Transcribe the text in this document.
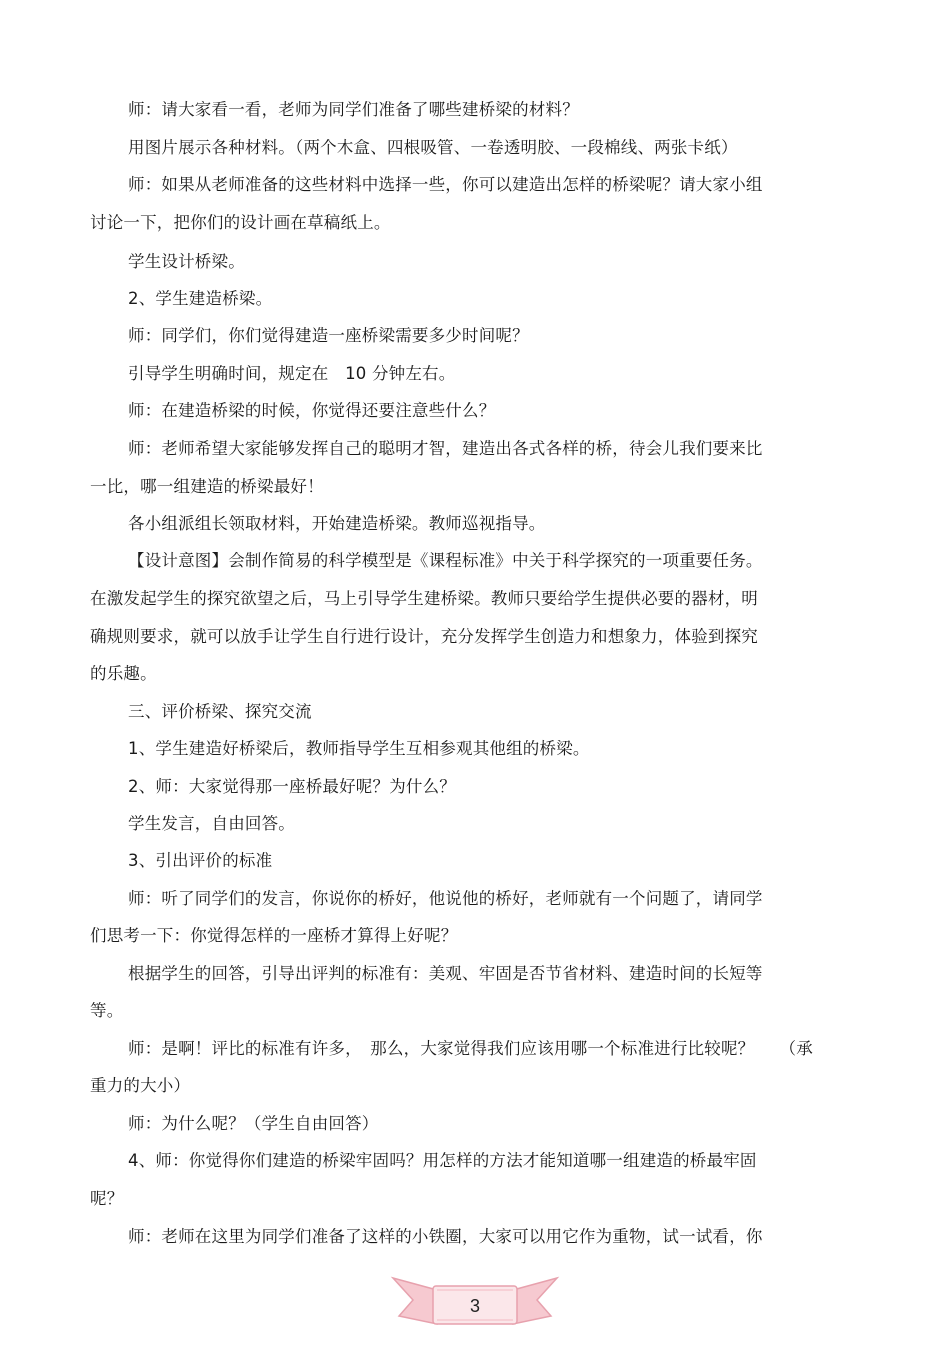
师：请大家看一看，老师为同学们准备了哪些建桥梁的材料？
用图片展示各种材料。（两个木盒、四根吸管、一卷透明胶、一段棉线、两张卡纸）
师：如果从老师准备的这些材料中选择一些，你可以建造出怎样的桥梁呢？请大家小组
讨论一下，把你们的设计画在草稿纸上。
学生设计桥梁。
2、学生建造桥梁。
师：同学们，你们觉得建造一座桥梁需要多少时间呢？
引导学生明确时间，规定在　10 分钟左右。
师：在建造桥梁的时候，你觉得还要注意些什么？
师：老师希望大家能够发挥自己的聪明才智，建造出各式各样的桥，待会儿我们要来比
一比，哪一组建造的桥梁最好！
各小组派组长领取材料，开始建造桥梁。教师巡视指导。
【设计意图】会制作简易的科学模型是《课程标准》中关于科学探究的一项重要任务。
在激发起学生的探究欲望之后，马上引导学生建桥梁。教师只要给学生提供必要的器材，明
确规则要求，就可以放手让学生自行进行设计，充分发挥学生创造力和想象力，体验到探究
的乐趣。
三、评价桥梁、探究交流
1、学生建造好桥梁后，教师指导学生互相参观其他组的桥梁。
2、师：大家觉得那一座桥最好呢？为什么？
学生发言，自由回答。
3、引出评价的标准
师：听了同学们的发言，你说你的桥好，他说他的桥好，老师就有一个问题了，请同学
们思考一下：你觉得怎样的一座桥才算得上好呢？
根据学生的回答，引导出评判的标准有：美观、牢固是否节省材料、建造时间的长短等
等。
师：是啊！评比的标准有许多，　那么，大家觉得我们应该用哪一个标准进行比较呢？　　（承
重力的大小）
师：为什么呢？（学生自由回答）
4、师：你觉得你们建造的桥梁牢固吗？用怎样的方法才能知道哪一组建造的桥最牢固
呢？
师：老师在这里为同学们准备了这样的小铁圈，大家可以用它作为重物，试一试看，你
3
